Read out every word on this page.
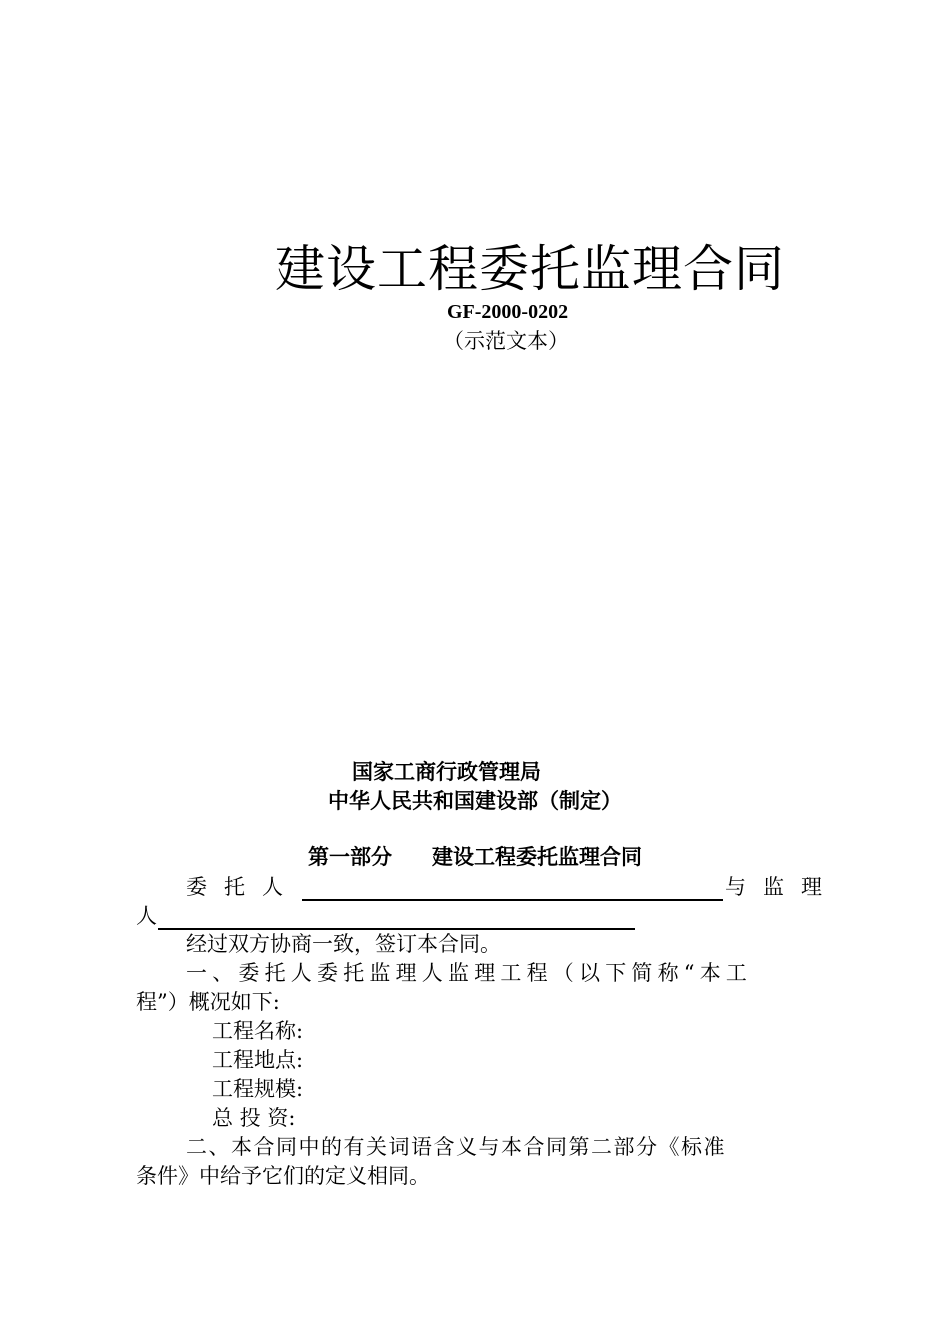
建设工程委托监理合同
GF-2000-0202
（示范文本）
国家工商行政管理局
中华人民共和国建设部（制定）
第一部分 建设工程委托监理合同
委托人	与监理
人
经过双方协商一致，签订本合同。
一、委托人委托监理人监理工程（以下简称“本工
程”）概况如下:
工程名称:
工程地点:
工程规模:
总 投 资:
二、本合同中的有关词语含义与本合同第二部分《标准
条件》中给予它们的定义相同。
